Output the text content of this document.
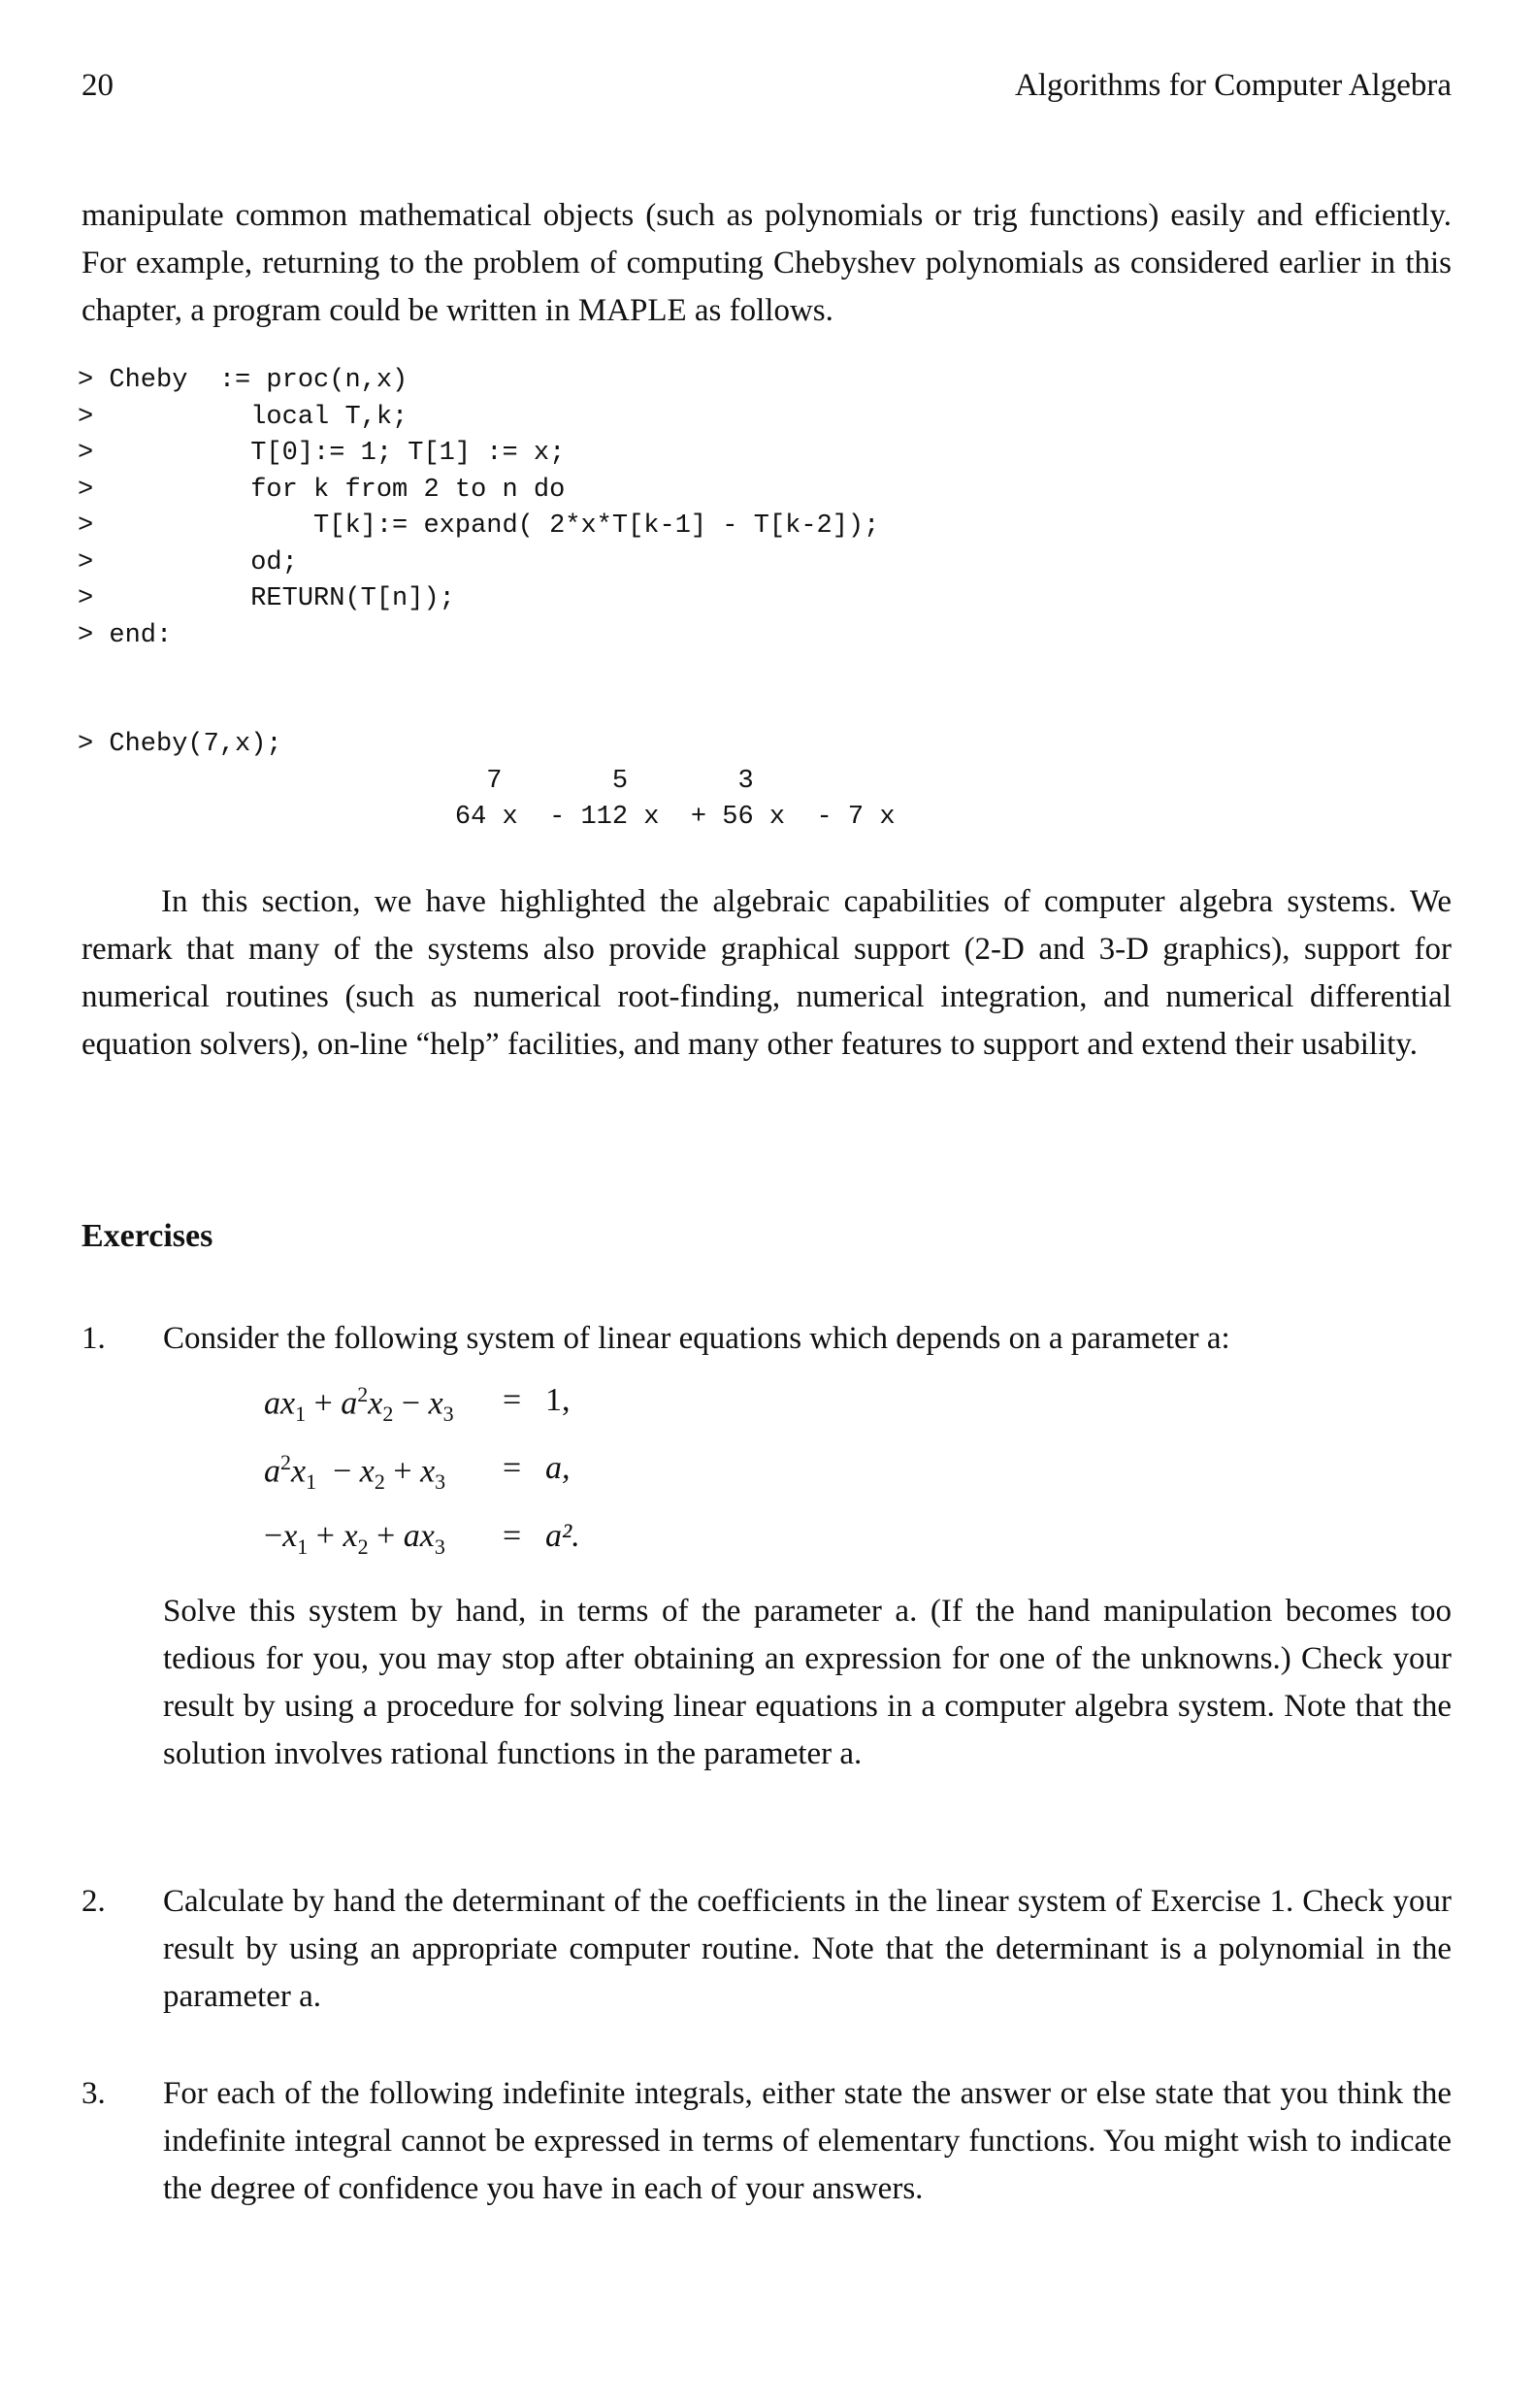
20	Algorithms for Computer Algebra

manipulate common mathematical objects (such as polynomials or trig functions) easily and efficiently. For example, returning to the problem of computing Chebyshev polynomials as considered earlier in this chapter, a program could be written in MAPLE as follows.

> Cheby  := proc(n,x)
>          local T,k;
>          T[0]:= 1; T[1] := x;
>          for k from 2 to n do
>              T[k]:= expand( 2*x*T[k-1] - T[k-2]);
>          od;
>          RETURN(T[n]);
> end:
> Cheby(7,x);
7       5       3
64 x  - 112 x  + 56 x  - 7 x

In this section, we have highlighted the algebraic capabilities of computer algebra systems. We remark that many of the systems also provide graphical support (2-D and 3-D graphics), support for numerical routines (such as numerical root-finding, numerical integration, and numerical differential equation solvers), on-line “help” facilities, and many other features to support and extend their usability.

Exercises
1. Consider the following system of linear equations which depends on a parameter a:
$ax_1 + a^2x_2 - x_3 = 1$,
$a^2x_1 - x_2 + x_3 = a$,
$-x_1 + x_2 + ax_3 = a^2$.
Solve this system by hand, in terms of the parameter a. (If the hand manipulation becomes too tedious for you, you may stop after obtaining an expression for one of the unknowns.) Check your result by using a procedure for solving linear equations in a computer algebra system. Note that the solution involves rational functions in the parameter a.
2. Calculate by hand the determinant of the coefficients in the linear system of Exercise 1. Check your result by using an appropriate computer routine. Note that the determinant is a polynomial in the parameter a.
3. For each of the following indefinite integrals, either state the answer or else state that you think the indefinite integral cannot be expressed in terms of elementary functions. You might wish to indicate the degree of confidence you have in each of your answers.
